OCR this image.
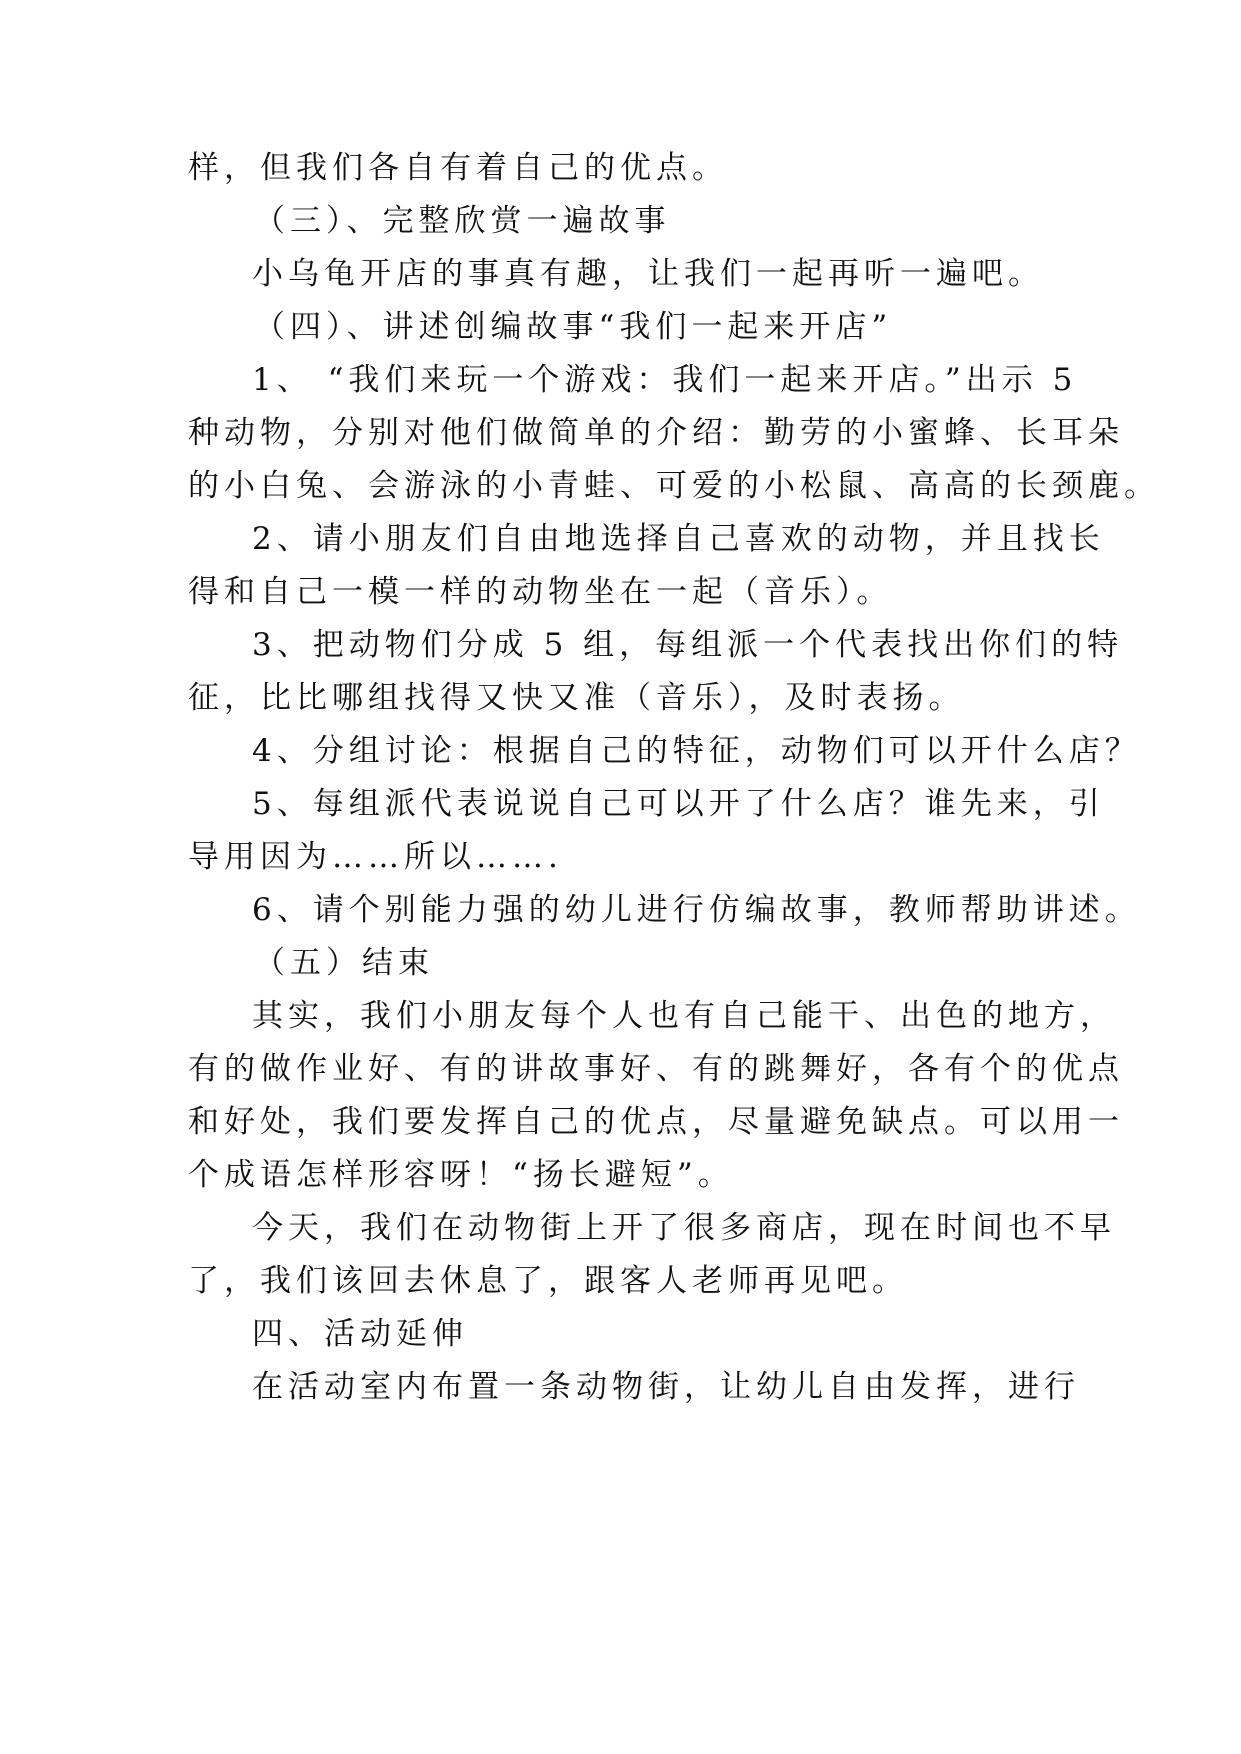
样，但我们各自有着自己的优点。
（三）、完整欣赏一遍故事
小乌龟开店的事真有趣，让我们一起再听一遍吧。
（四）、讲述创编故事“我们一起来开店”
1、 “我们来玩一个游戏：我们一起来开店。”出示 5
种动物，分别对他们做简单的介绍：勤劳的小蜜蜂、长耳朵
的小白兔、会游泳的小青蛙、可爱的小松鼠、高高的长颈鹿。
2、请小朋友们自由地选择自己喜欢的动物，并且找长
得和自己一模一样的动物坐在一起（音乐）。
3、把动物们分成 5 组，每组派一个代表找出你们的特
征，比比哪组找得又快又准（音乐），及时表扬。
4、分组讨论：根据自己的特征，动物们可以开什么店？
5、每组派代表说说自己可以开了什么店？谁先来，引
导用因为……所以…….
6、请个别能力强的幼儿进行仿编故事，教师帮助讲述。
（五）结束
其实，我们小朋友每个人也有自己能干、出色的地方，
有的做作业好、有的讲故事好、有的跳舞好，各有个的优点
和好处，我们要发挥自己的优点，尽量避免缺点。可以用一
个成语怎样形容呀！“扬长避短”。
今天，我们在动物街上开了很多商店，现在时间也不早
了，我们该回去休息了，跟客人老师再见吧。
四、活动延伸
在活动室内布置一条动物街，让幼儿自由发挥，进行
